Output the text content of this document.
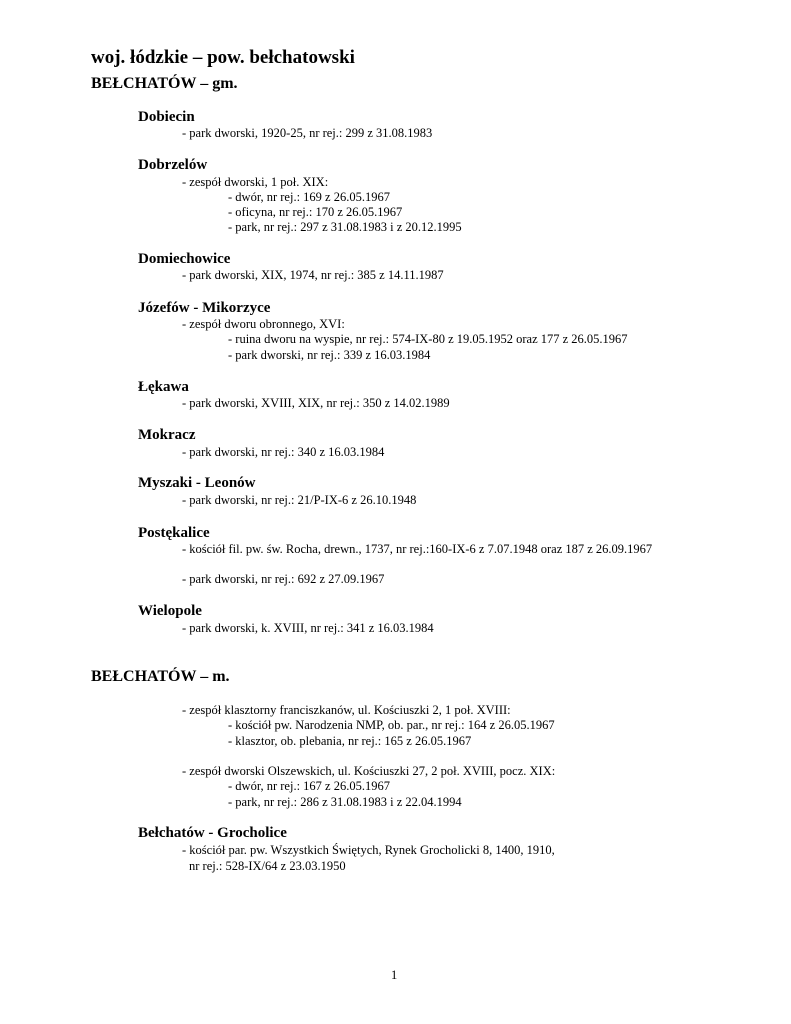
woj. łódzkie – pow. bełchatowski
BEŁCHATÓW – gm.
Dobiecin
- park dworski, 1920-25, nr rej.: 299 z 31.08.1983
Dobrzelów
- zespół dworski, 1 poł. XIX:
- dwór, nr rej.: 169 z 26.05.1967
- oficyna, nr rej.: 170 z 26.05.1967
- park, nr rej.: 297 z 31.08.1983 i z 20.12.1995
Domiechowice
- park dworski, XIX, 1974, nr rej.: 385 z 14.11.1987
Józefów - Mikorzyce
- zespół dworu obronnego, XVI:
- ruina dworu na wyspie, nr rej.: 574-IX-80 z 19.05.1952 oraz 177 z 26.05.1967
- park dworski, nr rej.: 339 z 16.03.1984
Łękawa
- park dworski, XVIII, XIX, nr rej.: 350 z 14.02.1989
Mokracz
- park dworski, nr rej.: 340 z 16.03.1984
Myszaki - Leonów
- park dworski, nr rej.: 21/P-IX-6 z 26.10.1948
Postękalice
- kościół fil. pw. św. Rocha, drewn., 1737, nr rej.:160-IX-6 z 7.07.1948 oraz 187 z 26.09.1967
- park dworski, nr rej.: 692 z 27.09.1967
Wielopole
- park dworski, k. XVIII, nr rej.: 341 z 16.03.1984
BEŁCHATÓW – m.
- zespół klasztorny franciszkanów, ul. Kościuszki 2, 1 poł. XVIII:
- kościół pw. Narodzenia NMP, ob. par., nr rej.: 164 z 26.05.1967
- klasztor, ob. plebania, nr rej.: 165 z 26.05.1967
- zespół dworski Olszewskich, ul. Kościuszki 27, 2 poł. XVIII, pocz. XIX:
- dwór, nr rej.: 167 z 26.05.1967
- park, nr rej.: 286 z 31.08.1983 i z 22.04.1994
Bełchatów - Grocholice
- kościół par. pw. Wszystkich Świętych, Rynek Grocholicki 8, 1400, 1910,
nr rej.: 528-IX/64 z 23.03.1950
1
